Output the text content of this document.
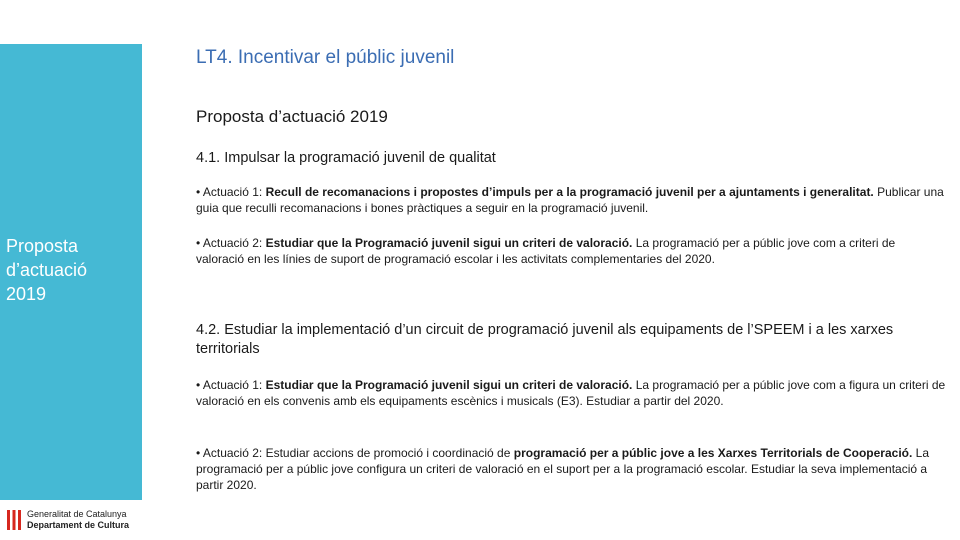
Proposta
d’actuació
2019
LT4. Incentivar el públic juvenil
Proposta d’actuació 2019
4.1. Impulsar la programació juvenil de qualitat
• Actuació 1: Recull de recomanacions i propostes d’impuls per a la programació juvenil per a ajuntaments i generalitat. Publicar una guia que reculli recomanacions i bones pràctiques a seguir en la programació juvenil.
• Actuació 2: Estudiar que la Programació juvenil sigui un criteri de valoració. La programació per a públic jove com a criteri de valoració en les línies de suport de programació escolar i les activitats complementaries del 2020.
4.2. Estudiar la implementació d’un circuit de programació juvenil als equipaments de l’SPEEM i a les xarxes territorials
• Actuació 1: Estudiar que la Programació juvenil sigui un criteri de valoració. La programació per a públic jove com a figura un criteri de valoració en els convenis amb els equipaments escènics i musicals (E3). Estudiar a partir del 2020.
• Actuació 2: Estudiar accions de promoció i coordinació de programació per a públic jove a les Xarxes Territorials de Cooperació. La programació per a públic jove configura un criteri de valoració en el suport per a la programació escolar. Estudiar la seva implementació a partir 2020.
Generalitat de Catalunya
Departament de Cultura
